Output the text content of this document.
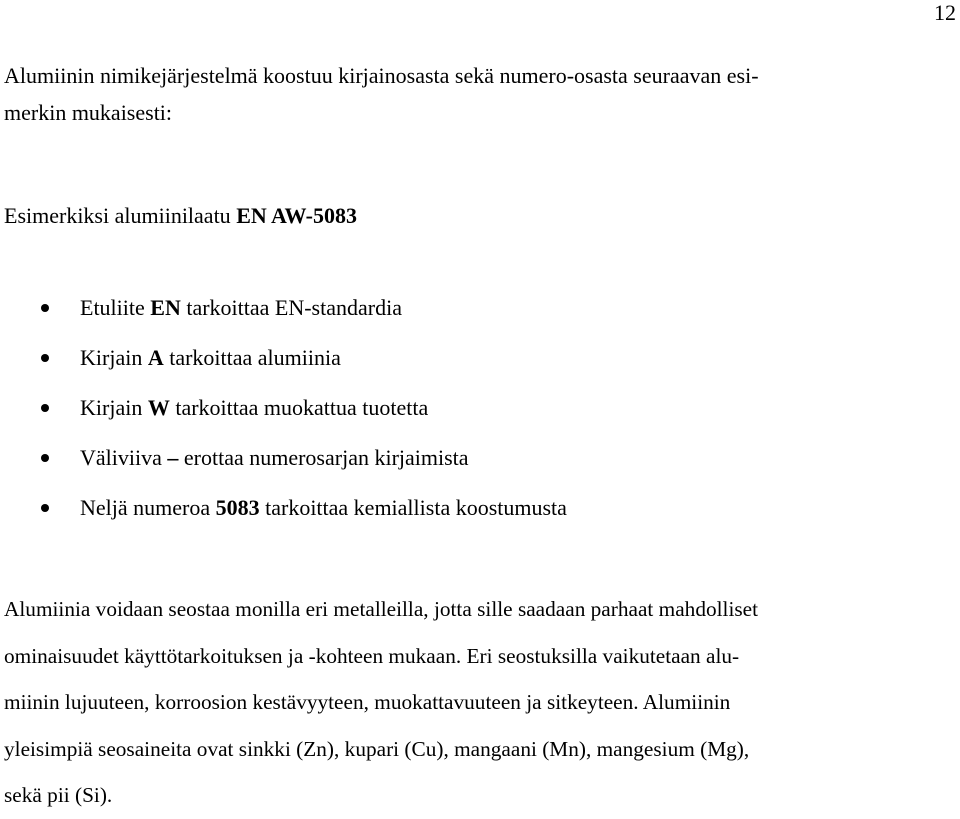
12

Alumiinin nimikejärjestelmä koostuu kirjainosasta sekä numero-osasta seuraavan esi-
merkin mukaisesti:

Esimerkiksi alumiinilaatu EN AW-5083

Etuliite EN tarkoittaa EN-standardia
Kirjain A tarkoittaa alumiinia
Kirjain W tarkoittaa muokattua tuotetta
Väliviiva – erottaa numerosarjan kirjaimista
Neljä numeroa 5083 tarkoittaa kemiallista koostumusta

Alumiinia voidaan seostaa monilla eri metalleilla, jotta sille saadaan parhaat mahdolliset
ominaisuudet käyttötarkoituksen ja -kohteen mukaan. Eri seostuksilla vaikutetaan alu-
miinin lujuuteen, korroosion kestävyyteen, muokattavuuteen ja sitkeyteen. Alumiinin
yleisimpiä seosaineita ovat sinkki (Zn), kupari (Cu), mangaani (Mn), mangesium (Mg),
sekä pii (Si).
